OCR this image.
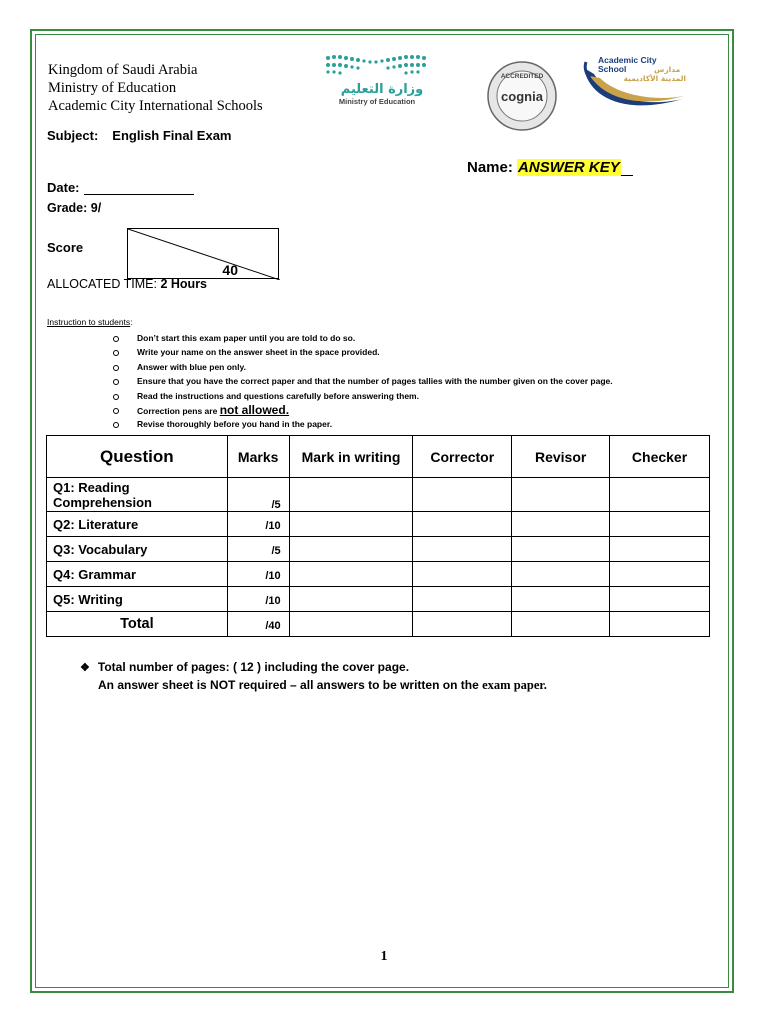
Kingdom of Saudi Arabia
Ministry of Education
Academic City International Schools
وزارة التعليم
Ministry of Education
ACCREDITED
cognia
Academic City
School	مدارس
المدينة الأكاديمية
Subject: English Final Exam
Name: ANSWER KEY
Date:
Grade: 9/
Score
40
ALLOCATED TIME: 2 Hours
Instruction to students:
Don’t start this exam paper until you are told to do so.
Write your name on the answer sheet in the space provided.
Answer with blue pen only.
Ensure that you have the correct paper and that the number of pages tallies with the number given on the cover page.
Read the instructions and questions carefully before answering them.
Correction pens are not allowed.
Revise thoroughly before you hand in the paper.
Question	Marks	Mark in writing	Corrector	Revisor	Checker

Q1: Reading
Comprehension	/5				
Q2: Literature	/10				
Q3: Vocabulary	/5				
Q4: Grammar	/10				
Q5: Writing	/10				
Total	/40				
❖ Total number of pages: ( 12 ) including the cover page.
An answer sheet is NOT required – all answers to be written on the exam paper.
1
